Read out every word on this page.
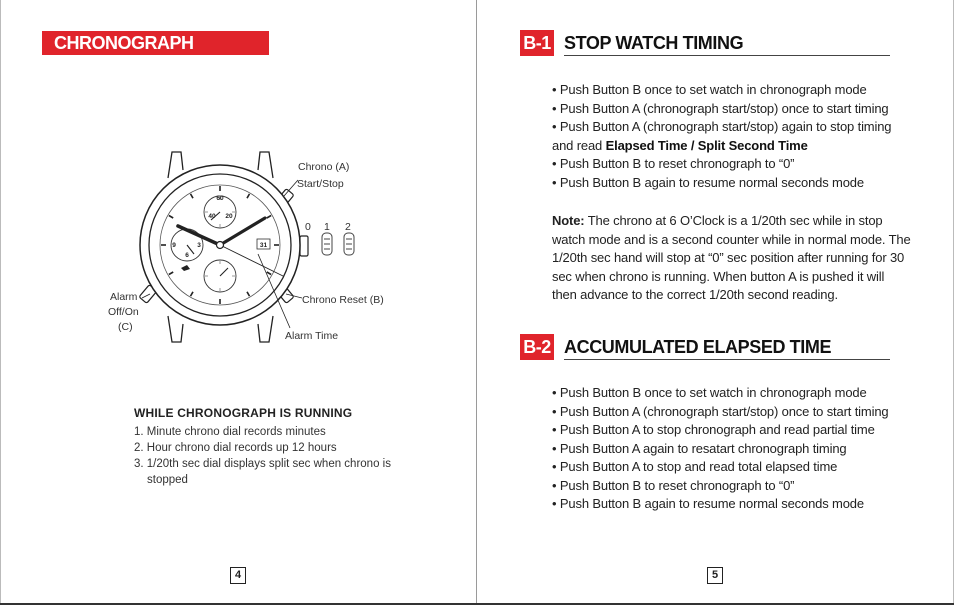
CHRONOGRAPH OPERATION
60
40 20
9	3
6
31
Chrono (A)
Start/Stop
0 1 2
Alarm
Off/On
(C)
Chrono Reset (B)
Alarm Time
WHILE CHRONOGRAPH IS RUNNING
1. Minute chrono dial records minutes
2. Hour chrono dial records up 12 hours
3. 1/20th sec dial displays split sec when chrono is stopped
4
B-1 STOP WATCH TIMING

• Push Button B once to set watch in chronograph mode

• Push Button A (chronograph start/stop) once to start timing

• Push Button A (chronograph start/stop) again to stop timing

and read Elapsed Time / Split Second Time

• Push Button B to reset chronograph to “0”

• Push Button B again to resume normal seconds mode

Note: The chrono at 6 O’Clock is a 1/20th sec while in stop watch mode and is a second counter while in normal mode. The 1/20th sec hand will stop at “0” sec position after running for 30 sec when chrono is running. When button A is pushed it will then advance to the correct 1/20th second reading.
B-2 ACCUMULATED ELAPSED TIME

• Push Button B once to set watch in chronograph mode

• Push Button A (chronograph start/stop) once to start timing

• Push Button A to stop chronograph and read partial time

• Push Button A again to resatart chronograph timing

• Push Button A to stop and read total elapsed time

• Push Button B to reset chronograph to “0”

• Push Button B again to resume normal seconds mode

5
